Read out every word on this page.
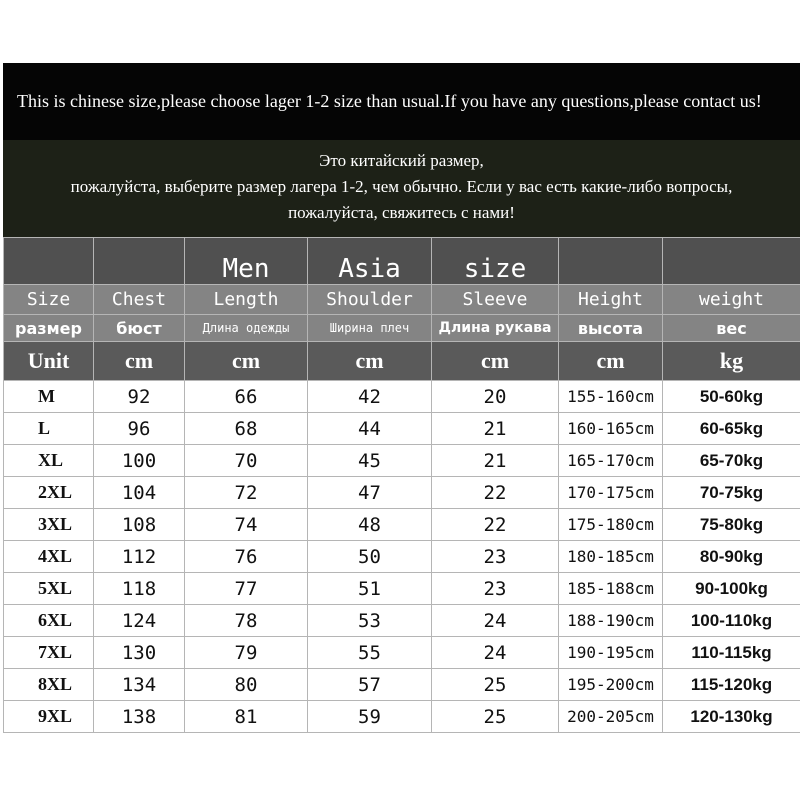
This is chinese size,please choose lager 1-2 size than usual.If you have any questions,please contact us!
Это китайский размер,
пожалуйста, выберите размер лагера 1-2, чем обычно. Если у вас есть какие-либо вопросы,
пожалуйста, свяжитесь с нами!
		Men	Asia	size		
Size	Chest	Length	Shoulder	Sleeve	Height	weight
размер	бюст	Длина одежды	Ширина плеч	Длина рукава	высота	вес
Unit	cm	cm	cm	cm	cm	kg
M	92	66	42	20	155-160cm	50-60kg
L	96	68	44	21	160-165cm	60-65kg
XL	100	70	45	21	165-170cm	65-70kg
2XL	104	72	47	22	170-175cm	70-75kg
3XL	108	74	48	22	175-180cm	75-80kg
4XL	112	76	50	23	180-185cm	80-90kg
5XL	118	77	51	23	185-188cm	90-100kg
6XL	124	78	53	24	188-190cm	100-110kg
7XL	130	79	55	24	190-195cm	110-115kg
8XL	134	80	57	25	195-200cm	115-120kg
9XL	138	81	59	25	200-205cm	120-130kg
